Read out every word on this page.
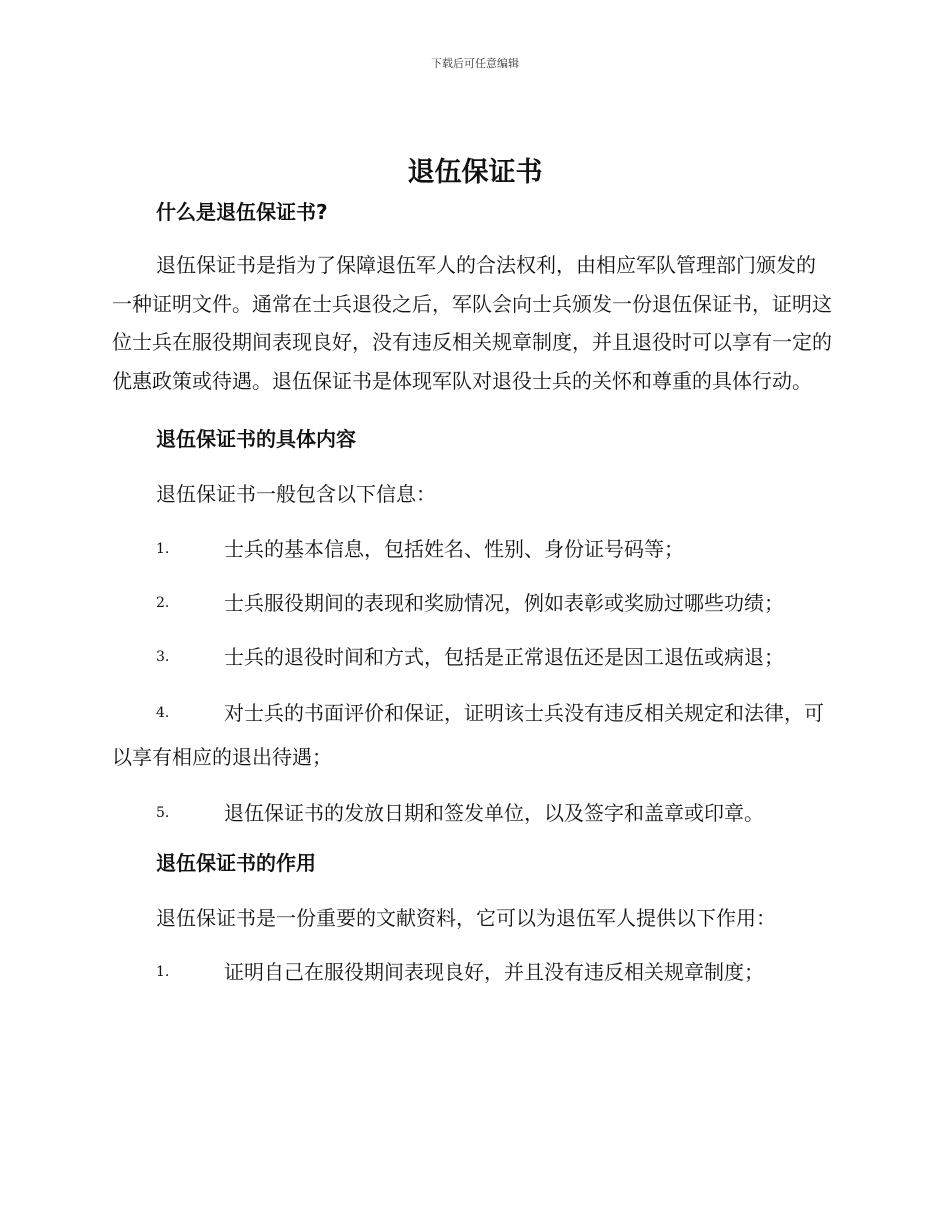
下载后可任意编辑
退伍保证书
什么是退伍保证书?

退伍保证书是指为了保障退伍军人的合法权利，由相应军队管理部门颁发的一种证明文件。通常在士兵退役之后，军队会向士兵颁发一份退伍保证书，证明这位士兵在服役期间表现良好，没有违反相关规章制度，并且退役时可以享有一定的优惠政策或待遇。退伍保证书是体现军队对退役士兵的关怀和尊重的具体行动。

退伍保证书的具体内容

退伍保证书一般包含以下信息：

1.	士兵的基本信息，包括姓名、性别、身份证号码等；
2.	士兵服役期间的表现和奖励情况，例如表彰或奖励过哪些功绩；
3.	士兵的退役时间和方式，包括是正常退伍还是因工退伍或病退；
4.	对士兵的书面评价和保证，证明该士兵没有违反相关规定和法律，可以享有相应的退出待遇；
5.	退伍保证书的发放日期和签发单位，以及签字和盖章或印章。
退伍保证书的作用

退伍保证书是一份重要的文献资料，它可以为退伍军人提供以下作用：

1.	证明自己在服役期间表现良好，并且没有违反相关规章制度；
